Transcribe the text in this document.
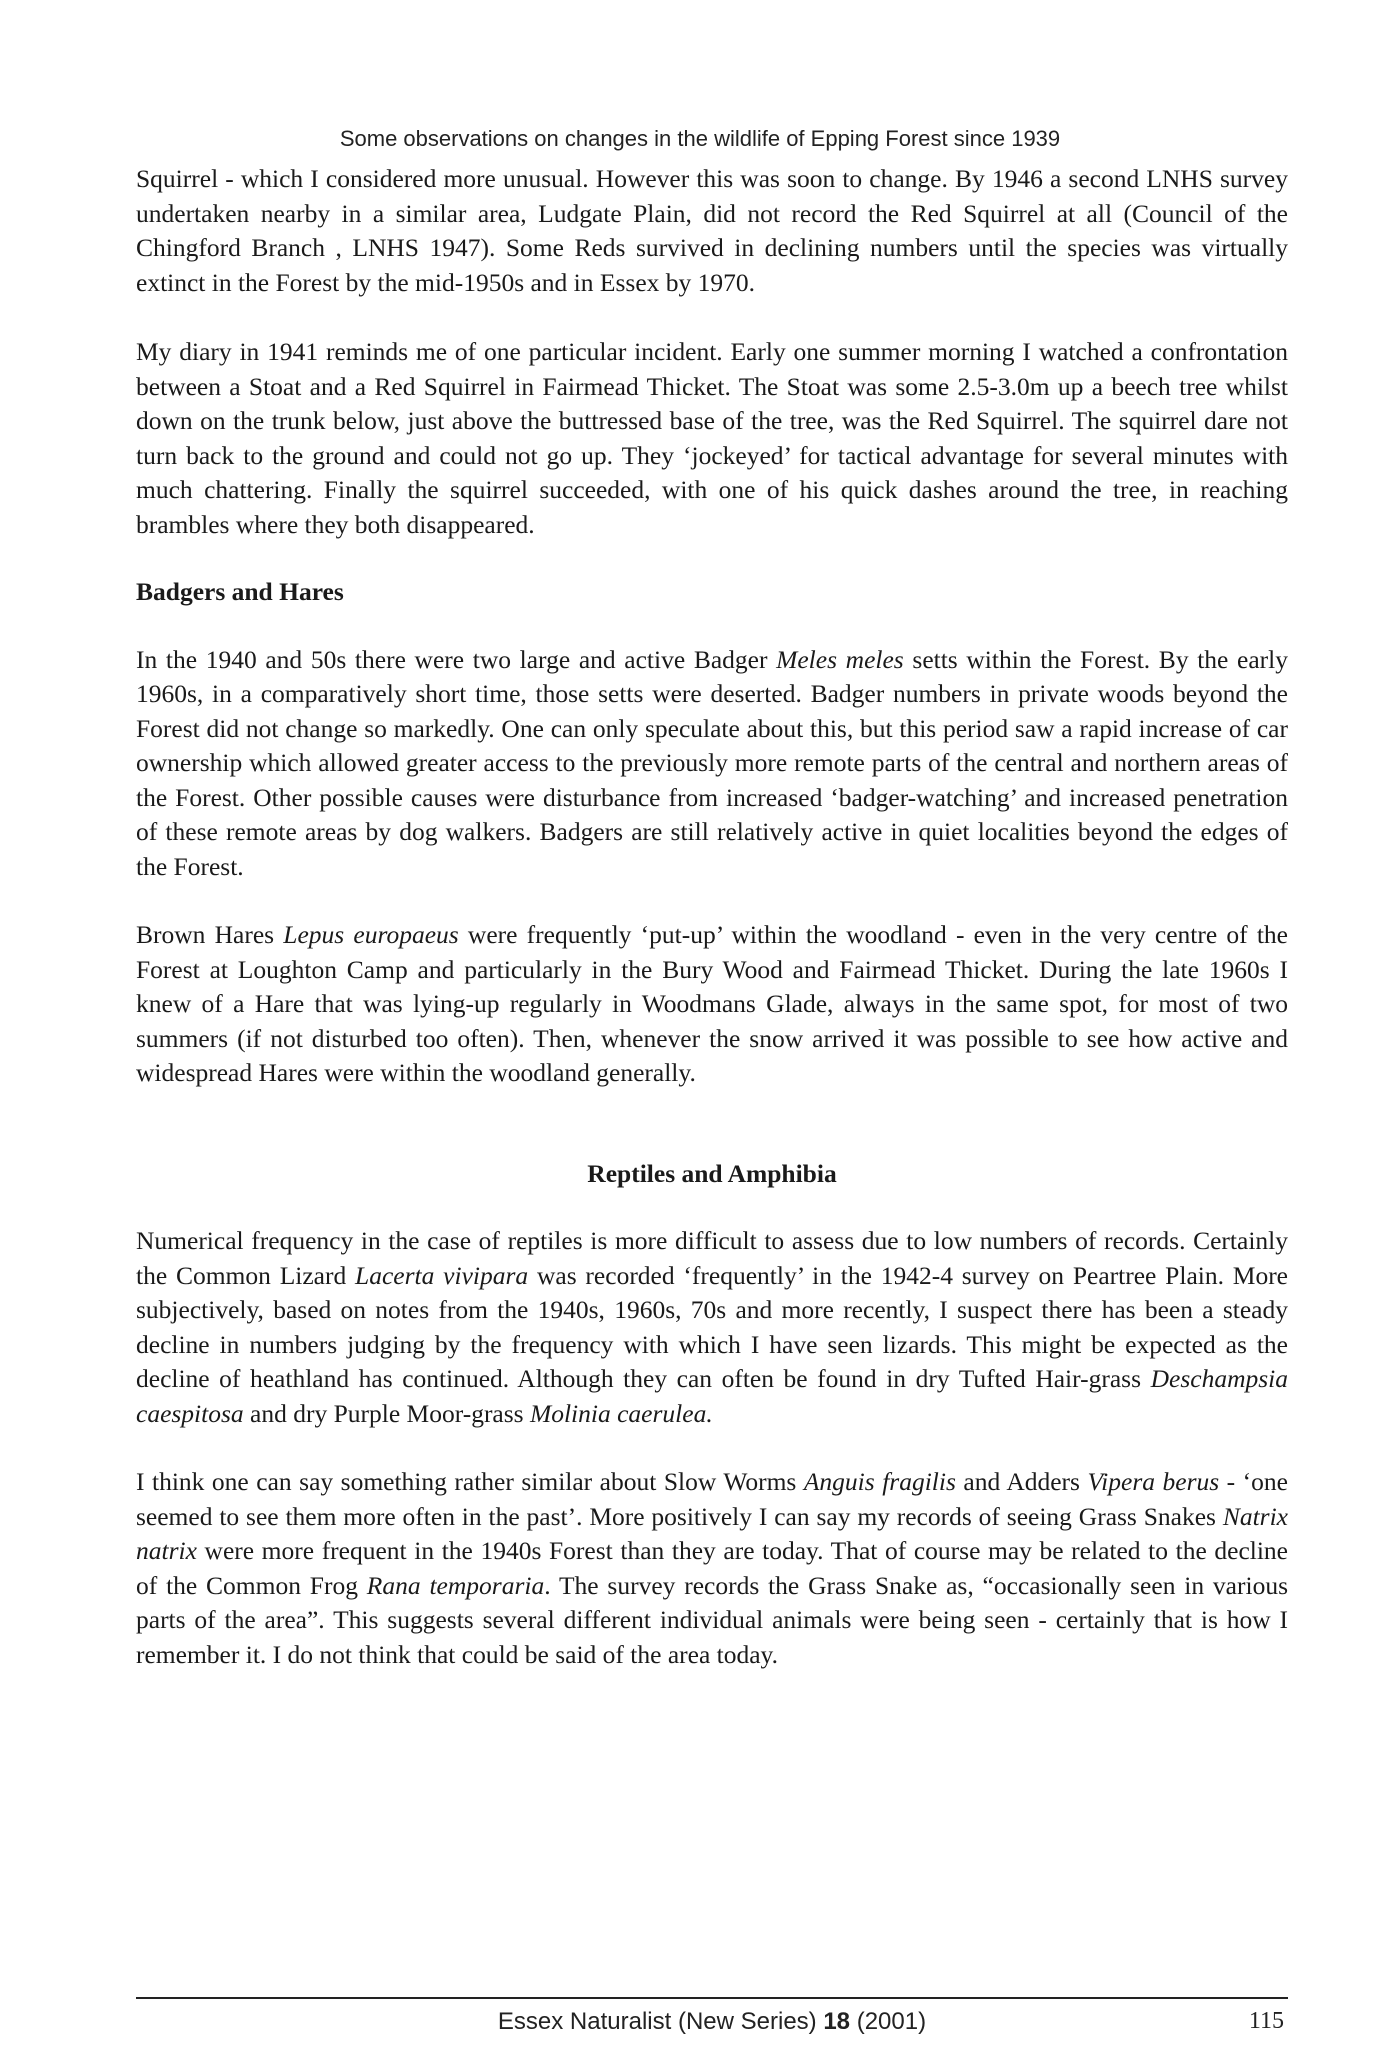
Some observations on changes in the wildlife of Epping Forest since 1939

Squirrel - which I considered more unusual. However this was soon to change. By 1946 a second LNHS survey undertaken nearby in a similar area, Ludgate Plain, did not record the Red Squirrel at all (Council of the Chingford Branch , LNHS 1947). Some Reds survived in declining numbers until the species was virtually extinct in the Forest by the mid-1950s and in Essex by 1970.

My diary in 1941 reminds me of one particular incident. Early one summer morning I watched a confrontation between a Stoat and a Red Squirrel in Fairmead Thicket. The Stoat was some 2.5-3.0m up a beech tree whilst down on the trunk below, just above the buttressed base of the tree, was the Red Squirrel. The squirrel dare not turn back to the ground and could not go up. They ‘jockeyed’ for tactical advantage for several minutes with much chattering. Finally the squirrel succeeded, with one of his quick dashes around the tree, in reaching brambles where they both disappeared.

Badgers and Hares

In the 1940 and 50s there were two large and active Badger Meles meles setts within the Forest. By the early 1960s, in a comparatively short time, those setts were deserted. Badger numbers in private woods beyond the Forest did not change so markedly. One can only speculate about this, but this period saw a rapid increase of car ownership which allowed greater access to the previously more remote parts of the central and northern areas of the Forest. Other possible causes were disturbance from increased ‘badger-watching’ and increased penetration of these remote areas by dog walkers. Badgers are still relatively active in quiet localities beyond the edges of the Forest.

Brown Hares Lepus europaeus were frequently ‘put-up’ within the woodland - even in the very centre of the Forest at Loughton Camp and particularly in the Bury Wood and Fairmead Thicket. During the late 1960s I knew of a Hare that was lying-up regularly in Woodmans Glade, always in the same spot, for most of two summers (if not disturbed too often). Then, whenever the snow arrived it was possible to see how active and widespread Hares were within the woodland generally.

Reptiles and Amphibia

Numerical frequency in the case of reptiles is more difficult to assess due to low numbers of records. Certainly the Common Lizard Lacerta vivipara was recorded ‘frequently’ in the 1942-4 survey on Peartree Plain. More subjectively, based on notes from the 1940s, 1960s, 70s and more recently, I suspect there has been a steady decline in numbers judging by the frequency with which I have seen lizards. This might be expected as the decline of heathland has continued. Although they can often be found in dry Tufted Hair-grass Deschampsia caespitosa and dry Purple Moor-grass Molinia caerulea.

I think one can say something rather similar about Slow Worms Anguis fragilis and Adders Vipera berus - ‘one seemed to see them more often in the past’. More positively I can say my records of seeing Grass Snakes Natrix natrix were more frequent in the 1940s Forest than they are today. That of course may be related to the decline of the Common Frog Rana temporaria. The survey records the Grass Snake as, “occasionally seen in various parts of the area”. This suggests several different individual animals were being seen - certainly that is how I remember it. I do not think that could be said of the area today.

Essex Naturalist (New Series) 18 (2001)	115
